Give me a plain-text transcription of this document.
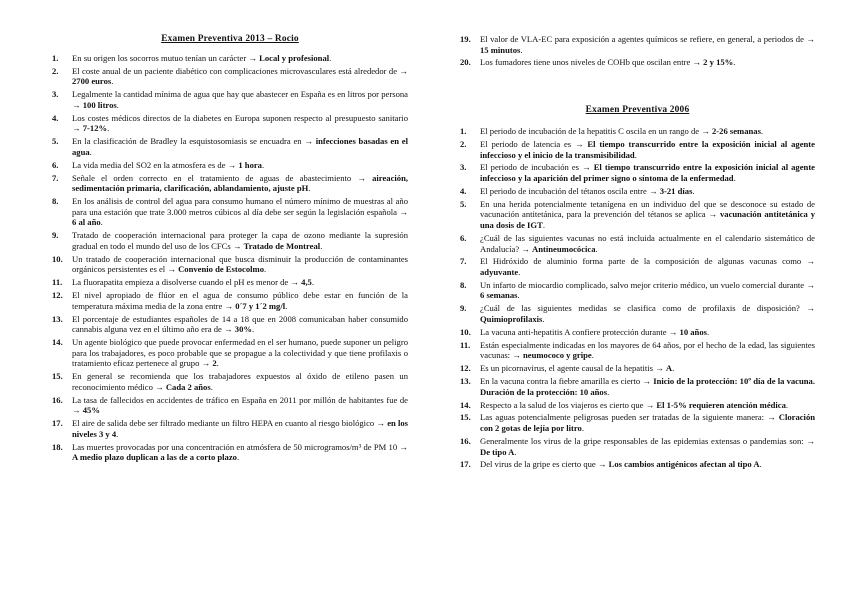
Examen Preventiva 2013 – Rocio
1. En su origen los socorros mutuo tenían un carácter → Local y profesional.
2. El coste anual de un paciente diabético con complicaciones microvasculares está alrededor de → 2700 euros.
3. Legalmente la cantidad mínima de agua que hay que abastecer en España es en litros por persona → 100 litros.
4. Los costes médicos directos de la diabetes en Europa suponen respecto al presupuesto sanitario → 7-12%.
5. En la clasificación de Bradley la esquistosomiasis se encuadra en → infecciones basadas en el agua.
6. La vida media del SO2 en la atmosfera es de → 1 hora.
7. Señale el orden correcto en el tratamiento de aguas de abastecimiento → aireación, sedimentación primaria, clarificación, ablandamiento, ajuste pH.
8. En los análisis de control del agua para consumo humano el número mínimo de muestras al año para una estación que trate 3.000 metros cúbicos al día debe ser según la legislación española → 6 al año.
9. Tratado de cooperación internacional para proteger la capa de ozono mediante la supresión gradual en todo el mundo del uso de los CFCs → Tratado de Montreal.
10. Un tratado de cooperación internacional que busca disminuir la producción de contaminantes orgánicos persistentes es el → Convenio de Estocolmo.
11. La fluorapatita empieza a disolverse cuando el pH es menor de → 4,5.
12. El nivel apropiado de flúor en el agua de consumo público debe estar en función de la temperatura máxima media de la zona entre → 0´7 y 1´2 mg/l.
13. El porcentaje de estudiantes españoles de 14 a 18 que en 2008 comunicaban haber consumido cannabis alguna vez en el último año era de → 30%.
14. Un agente biológico que puede provocar enfermedad en el ser humano, puede suponer un peligro para los trabajadores, es poco probable que se propague a la colectividad y que tiene profilaxis o tratamiento eficaz pertenece al grupo → 2.
15. En general se recomienda que los trabajadores expuestos al óxido de etileno pasen un reconocimiento médico → Cada 2 años.
16. La tasa de fallecidos en accidentes de tráfico en España en 2011 por millón de habitantes fue de → 45%
17. El aire de salida debe ser filtrado mediante un filtro HEPA en cuanto al riesgo biológico → en los niveles 3 y 4.
18. Las muertes provocadas por una concentración en atmósfera de 50 microgramos/m³ de PM 10 → A medio plazo duplican a las de a corto plazo.
19. El valor de VLA-EC para exposición a agentes químicos se refiere, en general, a periodos de → 15 minutos.
20. Los fumadores tiene unos niveles de COHb que oscilan entre → 2 y 15%.
Examen Preventiva 2006
1. El periodo de incubación de la hepatitis C oscila en un rango de → 2-26 semanas.
2. El periodo de latencia es → El tiempo transcurrido entre la exposición inicial al agente infeccioso y el inicio de la transmisibilidad.
3. El periodo de incubación es → El tiempo transcurrido entre la exposición inicial al agente infeccioso y la aparición del primer signo o síntoma de la enfermedad.
4. El periodo de incubación del tétanos oscila entre → 3-21 días.
5. En una herida potencialmente tetanígena en un individuo del que se desconoce su estado de vacunación antitetánica, para la prevención del tétanos se aplica → vacunación antitetánica y una dosis de IGT.
6. ¿Cuál de las siguientes vacunas no está incluida actualmente en el calendario sistemático de Andalucía? → Antineumocócica.
7. El Hidróxido de aluminio forma parte de la composición de algunas vacunas como → adyuvante.
8. Un infarto de miocardio complicado, salvo mejor criterio médico, un vuelo comercial durante → 6 semanas.
9. ¿Cuál de las siguientes medidas se clasifica como de profilaxis de disposición? → Quimioprofilaxis.
10. La vacuna anti-hepatitis A confiere protección durante → 10 años.
11. Están especialmente indicadas en los mayores de 64 años, por el hecho de la edad, las siguientes vacunas: → neumococo y gripe.
12. Es un picornavirus, el agente causal de la hepatitis → A.
13. En la vacuna contra la fiebre amarilla es cierto → Inicio de la protección: 10º día de la vacuna. Duración de la protección: 10 años.
14. Respecto a la salud de los viajeros es cierto que → El 1-5% requieren atención médica.
15. Las aguas potencialmente peligrosas pueden ser tratadas de la siguiente manera: → Cloración con 2 gotas de lejía por litro.
16. Generalmente los virus de la gripe responsables de las epidemias extensas o pandemias son: → De tipo A.
17. Del virus de la gripe es cierto que → Los cambios antigénicos afectan al tipo A.
